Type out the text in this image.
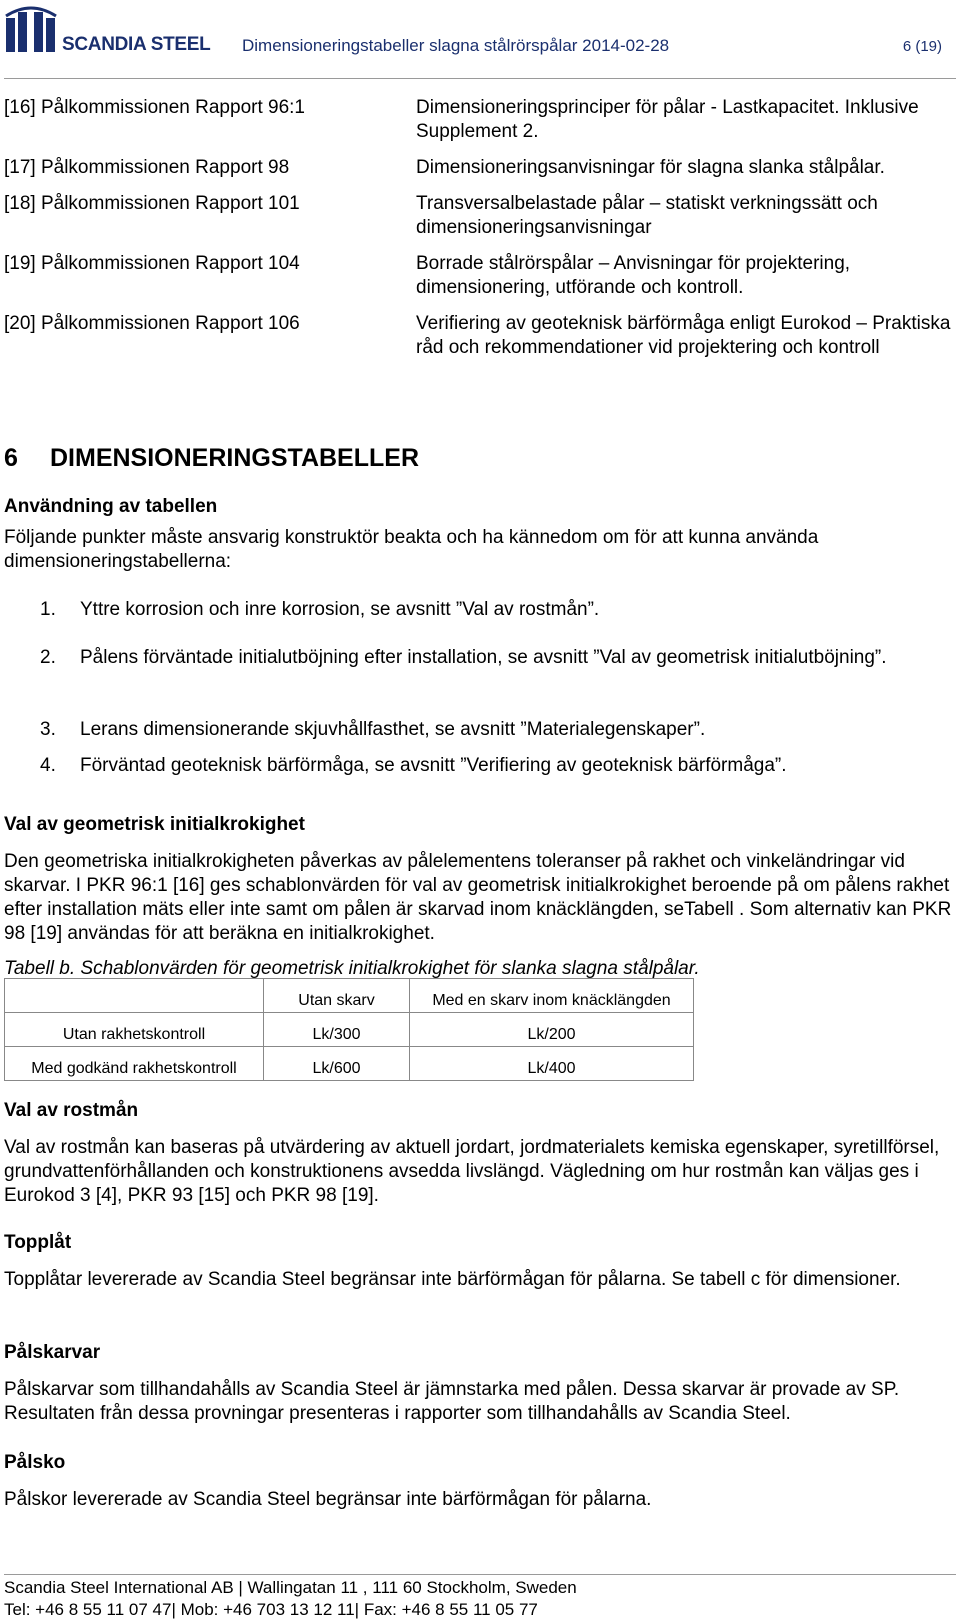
SCANDIA STEEL Dimensioneringstabeller slagna stålrörspålar 2014-02-28	6 (19)
[16] Pålkommissionen Rapport 96:1	Dimensioneringsprinciper för pålar - Lastkapacitet. Inklusive Supplement 2.
[17] Pålkommissionen Rapport 98	Dimensioneringsanvisningar för slagna slanka stålpålar.
[18] Pålkommissionen Rapport 101	Transversalbelastade pålar – statiskt verkningssätt och dimensioneringsanvisningar
[19] Pålkommissionen Rapport 104	Borrade stålrörspålar – Anvisningar för projektering, dimensionering, utförande och kontroll.
[20] Pålkommissionen Rapport 106	Verifiering av geoteknisk bärförmåga enligt Eurokod – Praktiska råd och rekommendationer vid projektering och kontroll
6 DIMENSIONERINGSTABELLER
Användning av tabellen
Följande punkter måste ansvarig konstruktör beakta och ha kännedom om för att kunna använda dimensioneringstabellerna:
1. Yttre korrosion och inre korrosion, se avsnitt ”Val av rostmån”.
2. Pålens förväntade initialutböjning efter installation, se avsnitt ”Val av geometrisk initialutböjning”.
3. Lerans dimensionerande skjuvhållfasthet, se avsnitt ”Materialegenskaper”.
4. Förväntad geoteknisk bärförmåga, se avsnitt ”Verifiering av geoteknisk bärförmåga”.
Val av geometrisk initialkrokighet
Den geometriska initialkrokigheten påverkas av pålelementens toleranser på rakhet och vinkeländringar vid skarvar. I PKR 96:1 [16] ges schablonvärden för val av geometrisk initialkrokighet beroende på om pålens rakhet efter installation mäts eller inte samt om pålen är skarvad inom knäcklängden, seTabell . Som alternativ kan PKR 98 [19] användas för att beräkna en initialkrokighet.
Tabell b. Schablonvärden för geometrisk initialkrokighet för slanka slagna stålpålar.
	Utan skarv	Med en skarv inom knäcklängden
Utan rakhetskontroll	Lk/300	Lk/200
Med godkänd rakhetskontroll	Lk/600	Lk/400
Val av rostmån
Val av rostmån kan baseras på utvärdering av aktuell jordart, jordmaterialets kemiska egenskaper, syretillförsel, grundvattenförhållanden och konstruktionens avsedda livslängd. Vägledning om hur rostmån kan väljas ges i Eurokod 3 [4], PKR 93 [15] och PKR 98 [19].
Topplåt
Topplåtar levererade av Scandia Steel begränsar inte bärförmågan för pålarna. Se tabell c för dimensioner.
Pålskarvar
Pålskarvar som tillhandahålls av Scandia Steel är jämnstarka med pålen. Dessa skarvar är provade av SP. Resultaten från dessa provningar presenteras i rapporter som tillhandahålls av Scandia Steel.
Pålsko
Pålskor levererade av Scandia Steel begränsar inte bärförmågan för pålarna.
Scandia Steel International AB | Wallingatan 11 , 111 60 Stockholm, Sweden
Tel: +46 8 55 11 07 47| Mob: +46 703 13 12 11| Fax: +46 8 55 11 05 77
